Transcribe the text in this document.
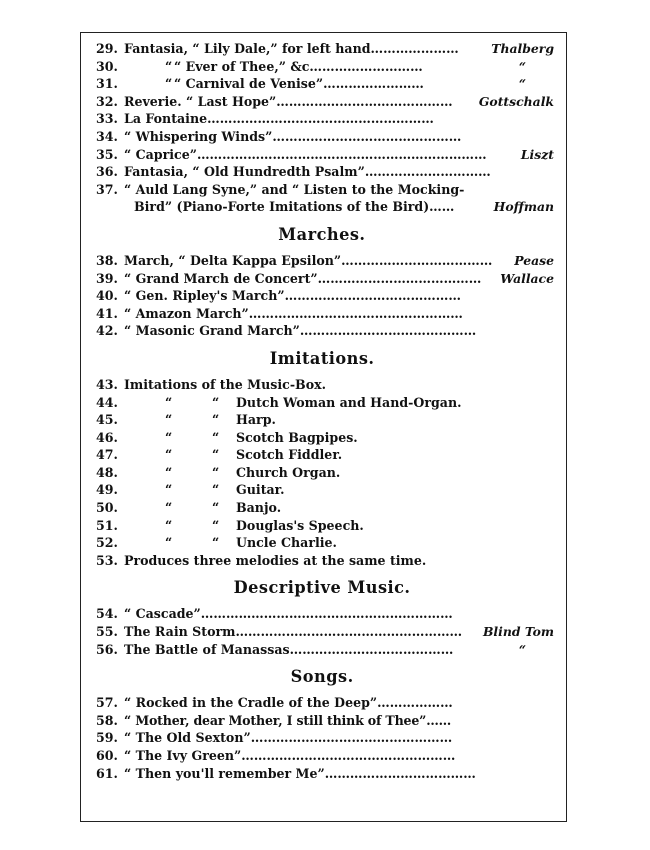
29. Fantasia, “ Lily Dale,” for left hand…………………	Thalberg
30.	“ “ Ever of Thee,” &c………………………	“
31.	“ “ Carnival de Venise”……………………	“
32. Reverie. “ Last Hope”…………………………………… Gottschalk
33. La Fontaine………………………………………………
34. “ Whispering Winds”………………………………………
35. “ Caprice”……………………………………………………………	Liszt
36. Fantasia, “ Old Hundredth Psalm”…………………………
37. “ Auld Lang Syne,” and “ Listen to the Mocking-
Bird” (Piano-Forte Imitations of the Bird)……	Hoffman
Marches.
38. March, “ Delta Kappa Epsilon”……………………………… Pease
39. “ Grand March de Concert”………………………………… Wallace
40. “ Gen. Ripley's March”……………………………………
41. “ Amazon March”……………………………………………
42. “ Masonic Grand March”……………………………………
Imitations.
43. Imitations of the Music-Box.
44.	“	“ Dutch Woman and Hand-Organ.
45.	“	“ Harp.
46.	“	“ Scotch Bagpipes.
47.	“	“ Scotch Fiddler.
48.	“	“ Church Organ.
49.	“	“ Guitar.
50.	“	“ Banjo.
51.	“	“ Douglas's Speech.
52.	“	“ Uncle Charlie.
53. Produces three melodies at the same time.
Descriptive Music.
54. “ Cascade”……………………………………………………
55. The Rain Storm……………………………………………… Blind Tom
56. The Battle of Manassas…………………………………	“
Songs.
57. “ Rocked in the Cradle of the Deep”………………
58. “ Mother, dear Mother, I still think of Thee”……
59. “ The Old Sexton”…………………………………………
60. “ The Ivy Green”……………………………………………
61. “ Then you'll remember Me”………………………………
